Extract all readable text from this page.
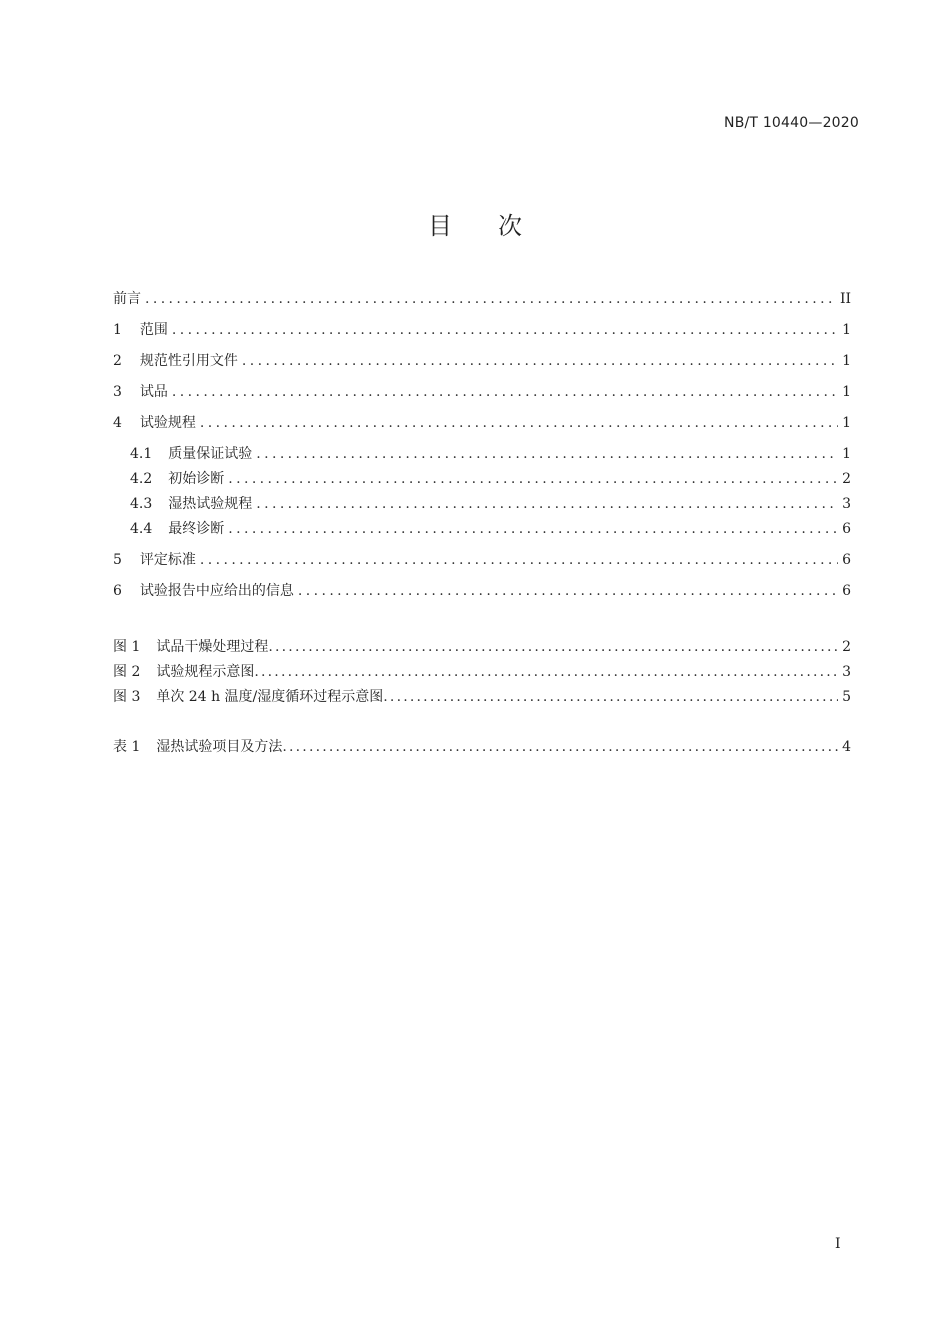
NB/T 10440—2020
目次
前言 .....	II
1 范围 .....	1
2 规范性引用文件 .....	1
3 试品 .....	1
4 试验规程 .....	1
4.1 质量保证试验 .....	1
4.2 初始诊断 .....	2
4.3 湿热试验规程 .....	3
4.4 最终诊断 .....	6
5 评定标准 .....	6
6 试验报告中应给出的信息 .....	6
图 1 试品干燥处理过程 .....	2
图 2 试验规程示意图 .....	3
图 3 单次 24 h 温度/湿度循环过程示意图 .....	5
表 1 湿热试验项目及方法 .....	4
I
